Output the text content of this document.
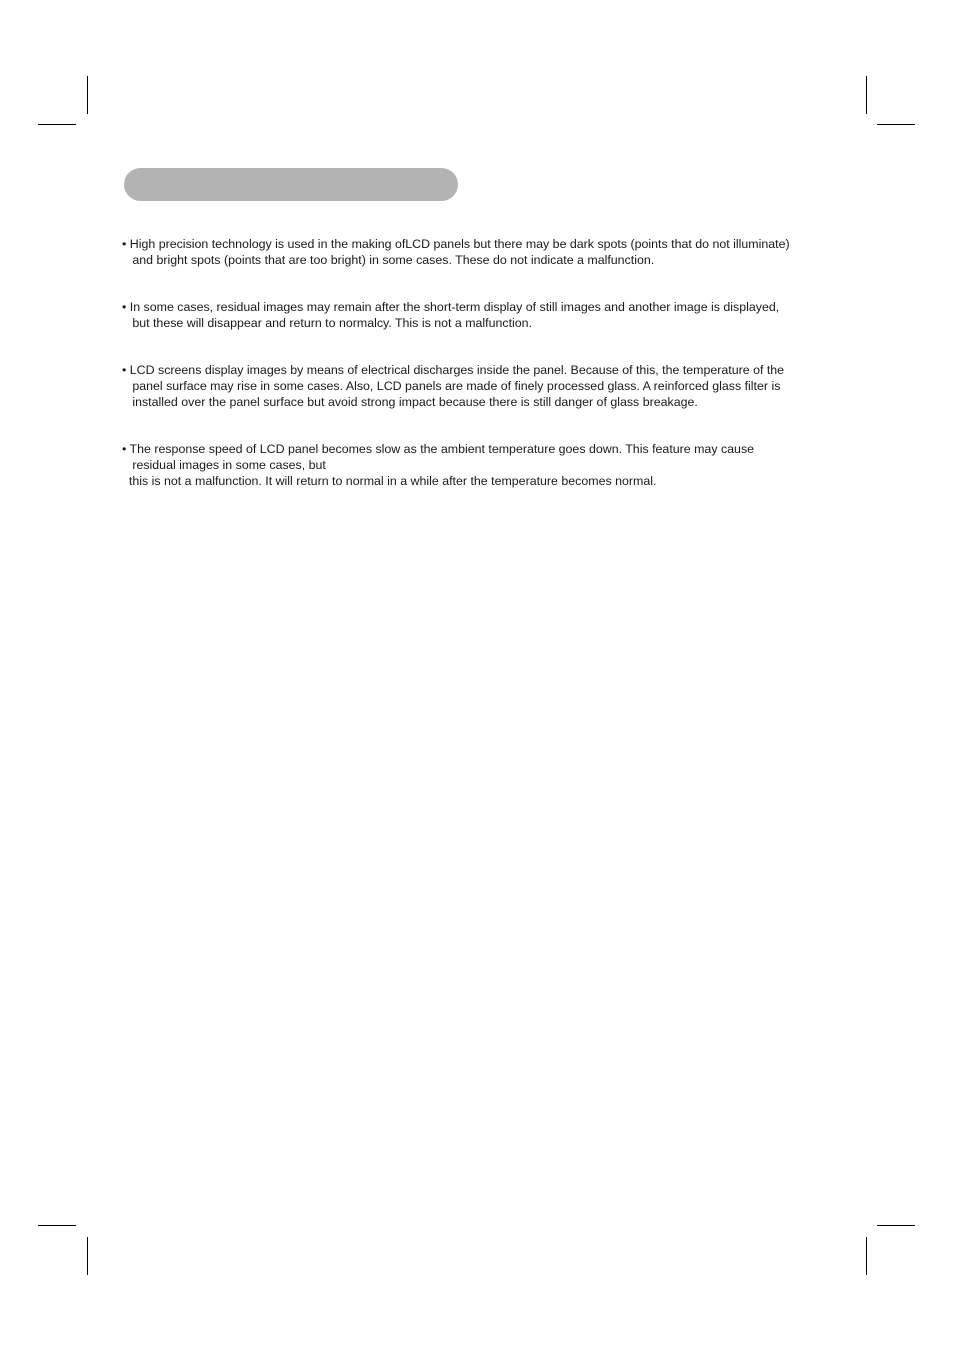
• High precision technology is used in the making ofLCD panels but there may be dark spots (points that do not illuminate)
and bright spots (points that are too bright) in some cases. These do not indicate a malfunction.
• In some cases, residual images may remain after the short-term display of still images and another image is displayed,
but these will disappear and return to normalcy. This is not a malfunction.
• LCD screens display images by means of electrical discharges inside the panel. Because of this, the temperature of the
panel surface may rise in some cases. Also, LCD panels are made of finely processed glass. A reinforced glass filter is
installed over the panel surface but avoid strong impact because there is still danger of glass breakage.
• The response speed of LCD panel becomes slow as the ambient temperature goes down. This feature may cause
residual images in some cases, but
this is not a malfunction. It will return to normal in a while after the temperature becomes normal.
